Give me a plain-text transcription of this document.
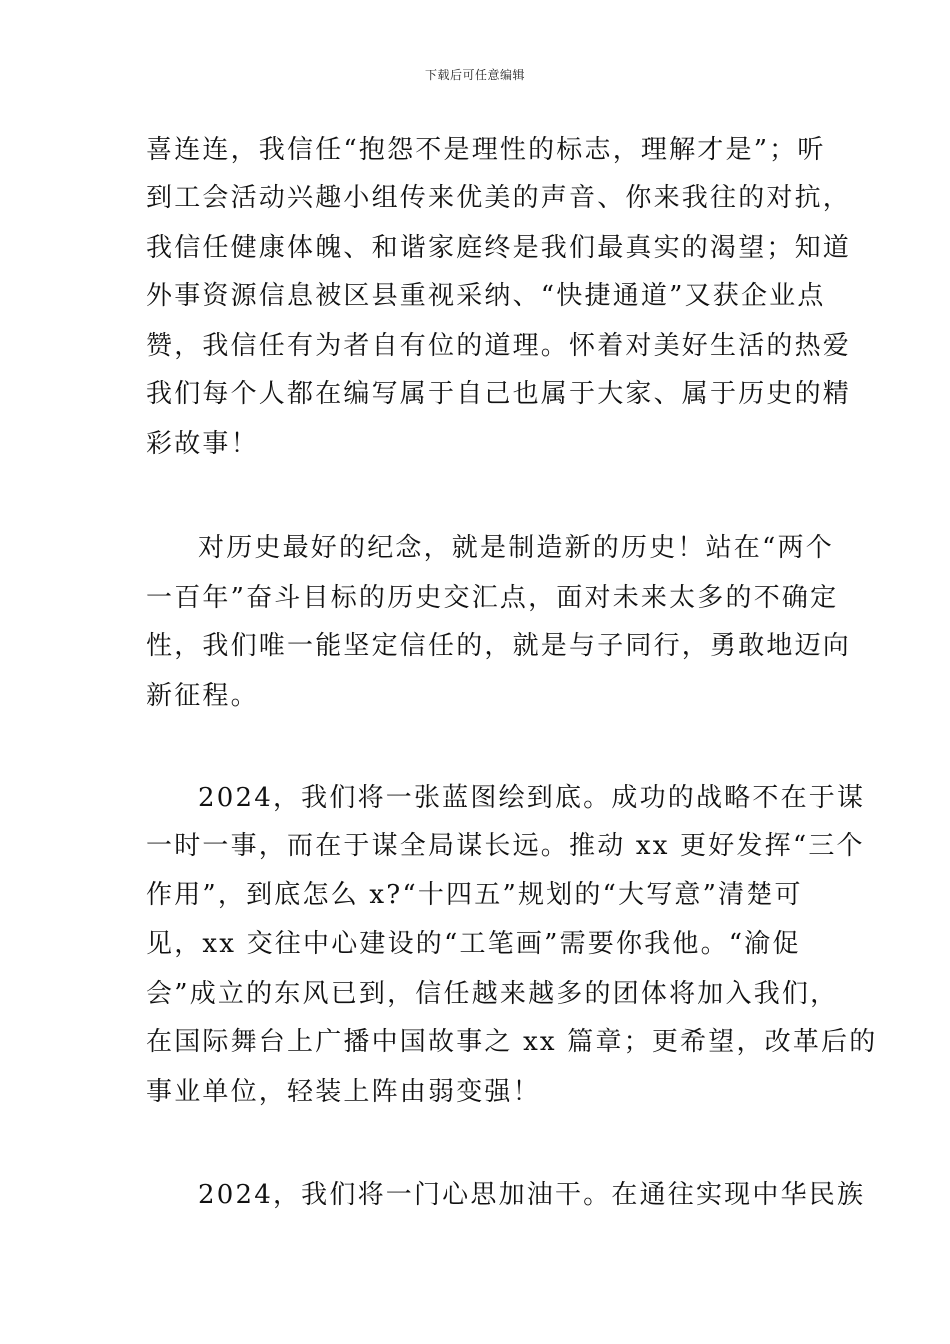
下载后可任意编辑
喜连连，我信任“抱怨不是理性的标志，理解才是”；听
到工会活动兴趣小组传来优美的声音、你来我往的对抗，
我信任健康体魄、和谐家庭终是我们最真实的渴望；知道
外事资源信息被区县重视采纳、“快捷通道”又获企业点
赞，我信任有为者自有位的道理。怀着对美好生活的热爱
我们每个人都在编写属于自己也属于大家、属于历史的精
彩故事！
对历史最好的纪念，就是制造新的历史！站在“两个
一百年”奋斗目标的历史交汇点，面对未来太多的不确定
性，我们唯一能坚定信任的，就是与子同行，勇敢地迈向
新征程。
2024，我们将一张蓝图绘到底。成功的战略不在于谋
一时一事，而在于谋全局谋长远。推动 xx 更好发挥“三个
作用”，到底怎么 x?“十四五”规划的“大写意”清楚可
见，xx 交往中心建设的“工笔画”需要你我他。“渝促
会”成立的东风已到，信任越来越多的团体将加入我们，
在国际舞台上广播中国故事之 xx 篇章；更希望，改革后的
事业单位，轻装上阵由弱变强！
2024，我们将一门心思加油干。在通往实现中华民族
